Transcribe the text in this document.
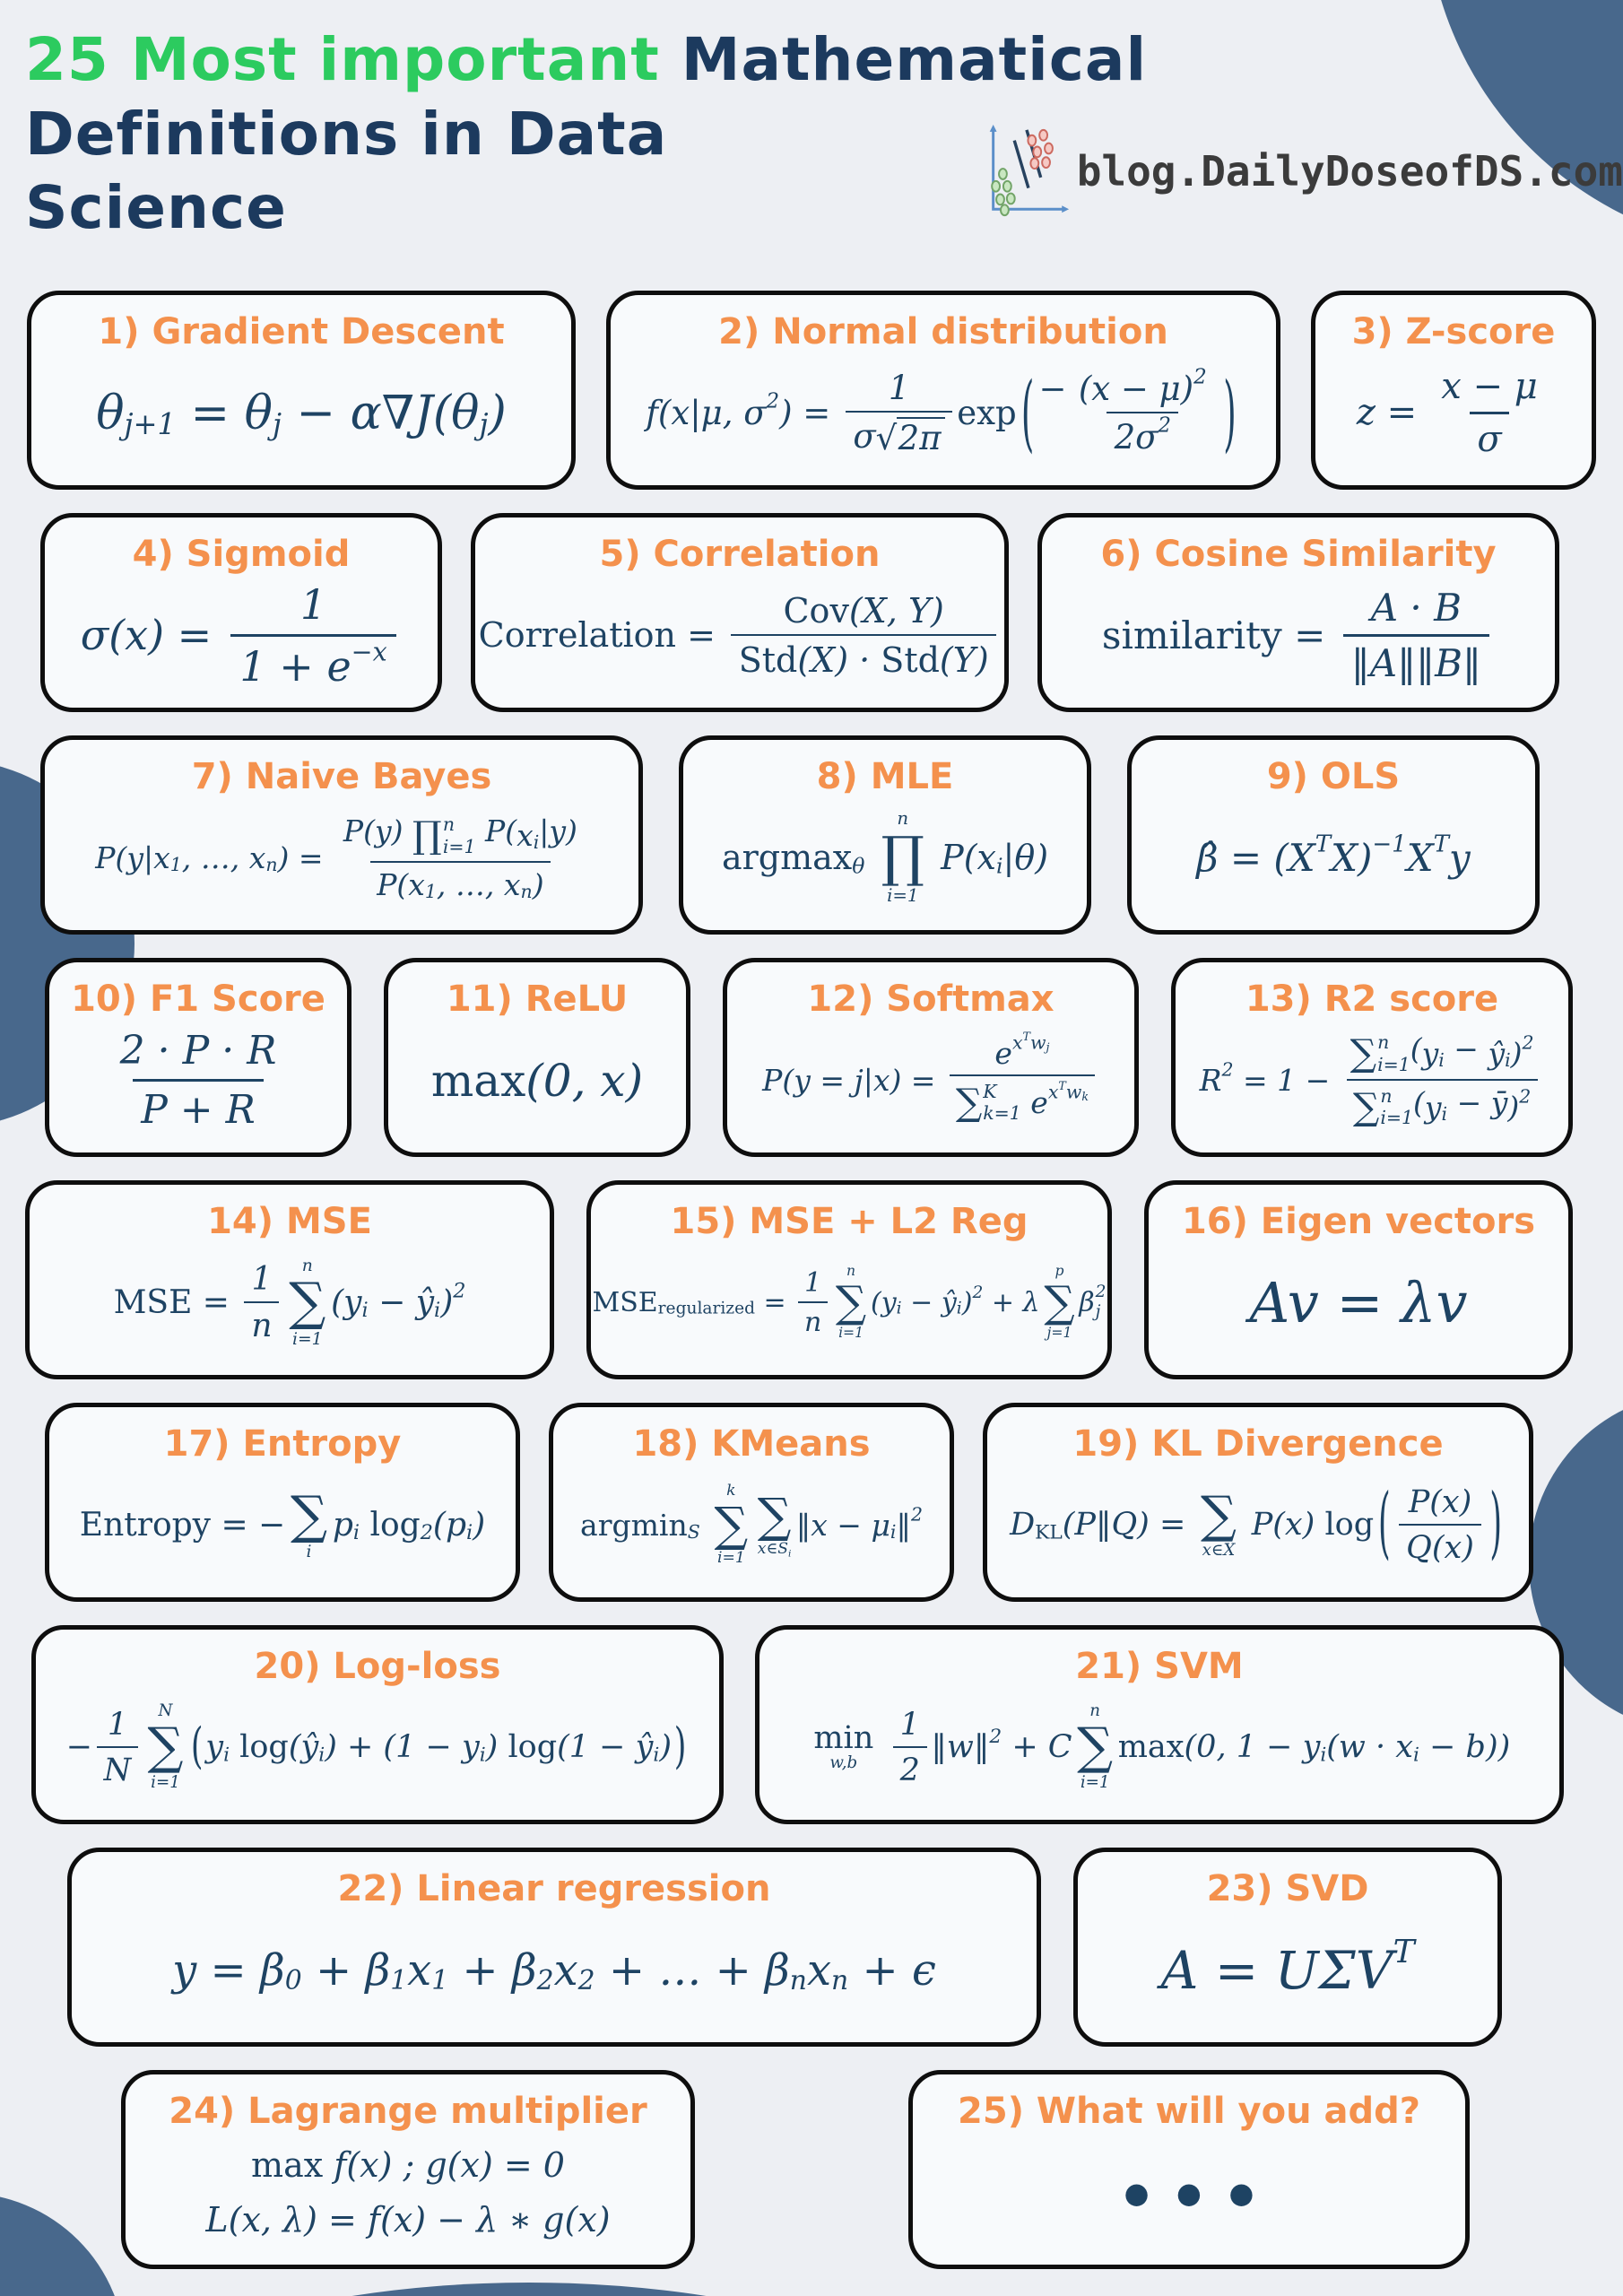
25 Most important Mathematical
Definitions in Data Science
blog.DailyDoseofDS.com
1) Gradient Descent
θ j+1 = θ j − α∇J( θ j )
2) Normal distribution
f(x|μ, σ 2 ) = $\frac{1}{\sigma √ 2\pi}$ exp ( − $\frac{(x - \mu) 2}{2 \sigma 2}$ )
3) Z-score
$z = \frac{x - \mu}{\sigma}$
4) Sigmoid
$\sigma(x) = \frac{1}{1 + e -x}$
5) Correlation
Correlation =
Cov (X, Y)
Std (X) · Std (Y)
6) Cosine Similarity
similarity = $\frac{A \cdot B}{‖A‖‖B‖}$
7) Naive Bayes
P(y| x 1 , …, x n ) = P(y) ∏ n
i=1 P( x i |y)
P( x 1 , …, x n )
8) MLE
argmax θ

n
∏
i=1
P( x i |θ)
9) OLS
β̂ = ( X T X ) −1 X T y
10) F1 Score
2 · P · R
P + R
11) ReLU
max (0, x)
12) Softmax
P(y = j|x) =
e x T w j
∑ K
k=1
e x T w k
13) R2 score
R 2 = 1 − ∑ n
i=1 ( y i − ŷ i ) 2
∑ n
i=1 ( y i − ȳ ) 2
14) MSE
MSE = $\frac{1}{n}$ n
∑
i=1
( y i − ŷ i ) 2
15) MSE + L2 Reg
MSE regularized = $\frac{1}{n}$ n
∑
i=1
( y i − ŷ i ) 2 + λ
p
∑
j=1
β 2
j
16) Eigen vectors
Av = λv
17) Entropy
Entropy = − ∑
i
p i
log 2 ( p i )
18) KMeans
argmin S

k
∑
i=1
∑
x∈ S i
‖x − μ i ‖ 2
19) KL Divergence
D KL (P‖Q) = ∑
x∈X
P(x) log ( $\frac{P(x)}{Q(x)}$ )
20) Log-loss
− $\frac{1}{N}$ N
∑
i=1
( y i log( ŷ i ) + (1 − y i ) log(1 − ŷ i ) )
21) SVM
min
w,b

1
2
‖w‖ 2 + C
n
∑
i=1
max (0, 1 − y i (w · x i − b))
22) Linear regression
y = β 0 + β 1 x 1 + β 2 x 2 + … + β n x n + ϵ
23) SVD
A = UΣ V T
24) Lagrange multiplier
max f(x) ; g(x) = 0
L(x, λ) = f(x) − λ ∗ g(x)
25) What will you add?
●   ●   ●
